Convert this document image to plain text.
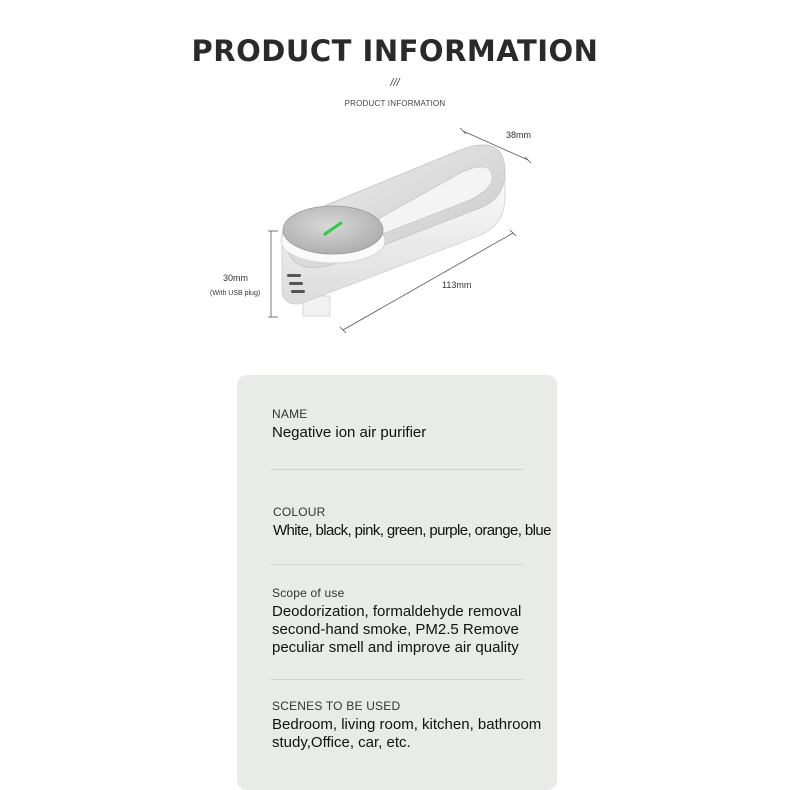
PRODUCT INFORMATION
///
PRODUCT INFORMATION
38mm
113mm
30mm
(With USB plug)
NAME
Negative ion air purifier
COLOUR
White, black, pink, green, purple, orange, blue
Scope of use
Deodorization, formaldehyde removal
second-hand smoke, PM2.5 Remove
peculiar smell and improve air quality
SCENES TO BE USED
Bedroom, living room, kitchen, bathroom
study,Office, car, etc.
